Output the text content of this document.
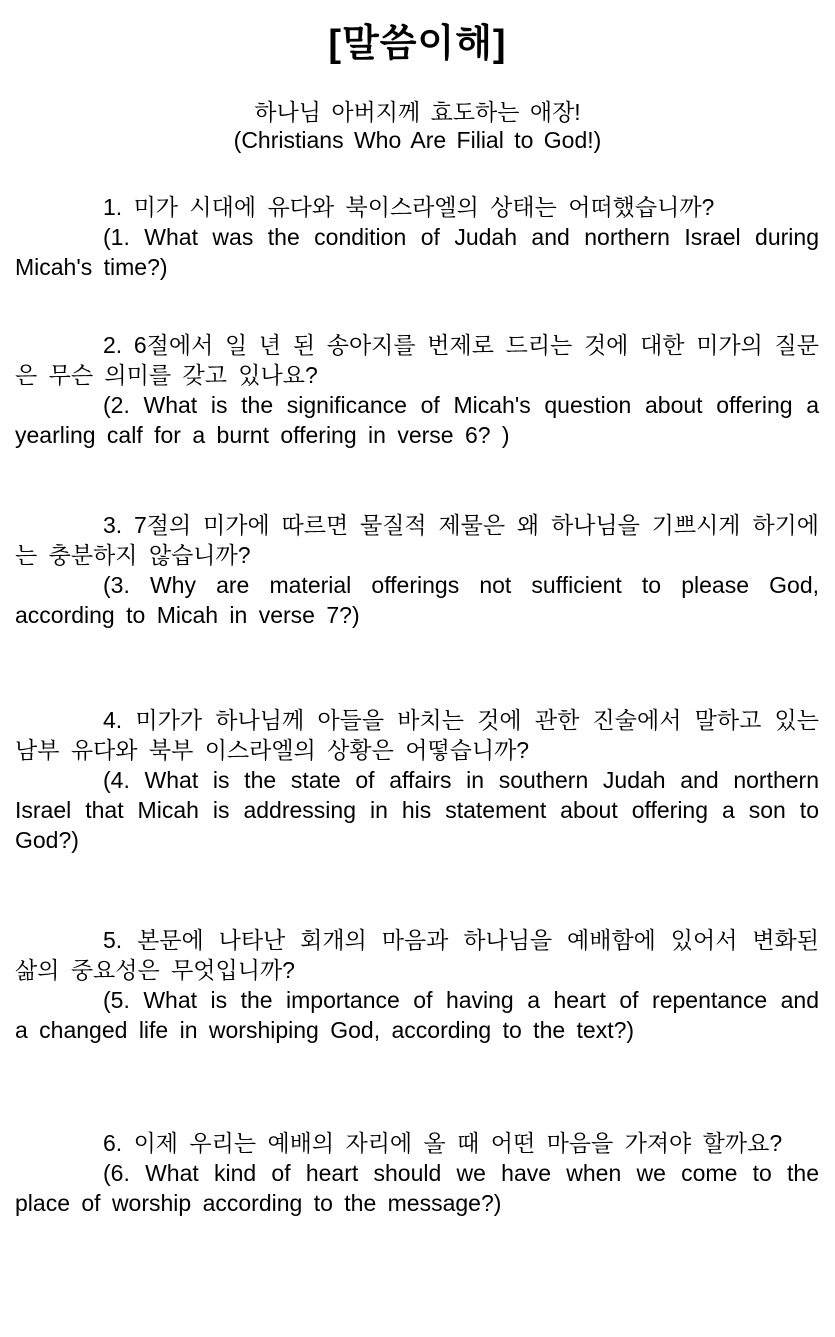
[말씀이해]
하나님 아버지께 효도하는 애장!
(Christians Who Are Filial to God!)

1. 미가 시대에 유다와 북이스라엘의 상태는 어떠했습니까?

(1. What was the condition of Judah and northern Israel during Micah's time?)

2. 6절에서 일 년 된 송아지를 번제로 드리는 것에 대한 미가의 질문은 무슨 의미를 갖고 있나요?

(2. What is the significance of Micah's question about offering a yearling calf for a burnt offering in verse 6? )

3. 7절의 미가에 따르면 물질적 제물은 왜 하나님을 기쁘시게 하기에는 충분하지 않습니까?

(3. Why are material offerings not sufficient to please God, according to Micah in verse 7?)

4. 미가가 하나님께 아들을 바치는 것에 관한 진술에서 말하고 있는 남부 유다와 북부 이스라엘의 상황은 어떻습니까?

(4. What is the state of affairs in southern Judah and northern Israel that Micah is addressing in his statement about offering a son to God?)

5. 본문에 나타난 회개의 마음과 하나님을 예배함에 있어서 변화된 삶의 중요성은 무엇입니까?

(5. What is the importance of having a heart of repentance and a changed life in worshiping God, according to the text?)

6. 이제 우리는 예배의 자리에 올 때 어떤 마음을 가져야 할까요?

(6. What kind of heart should we have when we come to the place of worship according to the message?)
